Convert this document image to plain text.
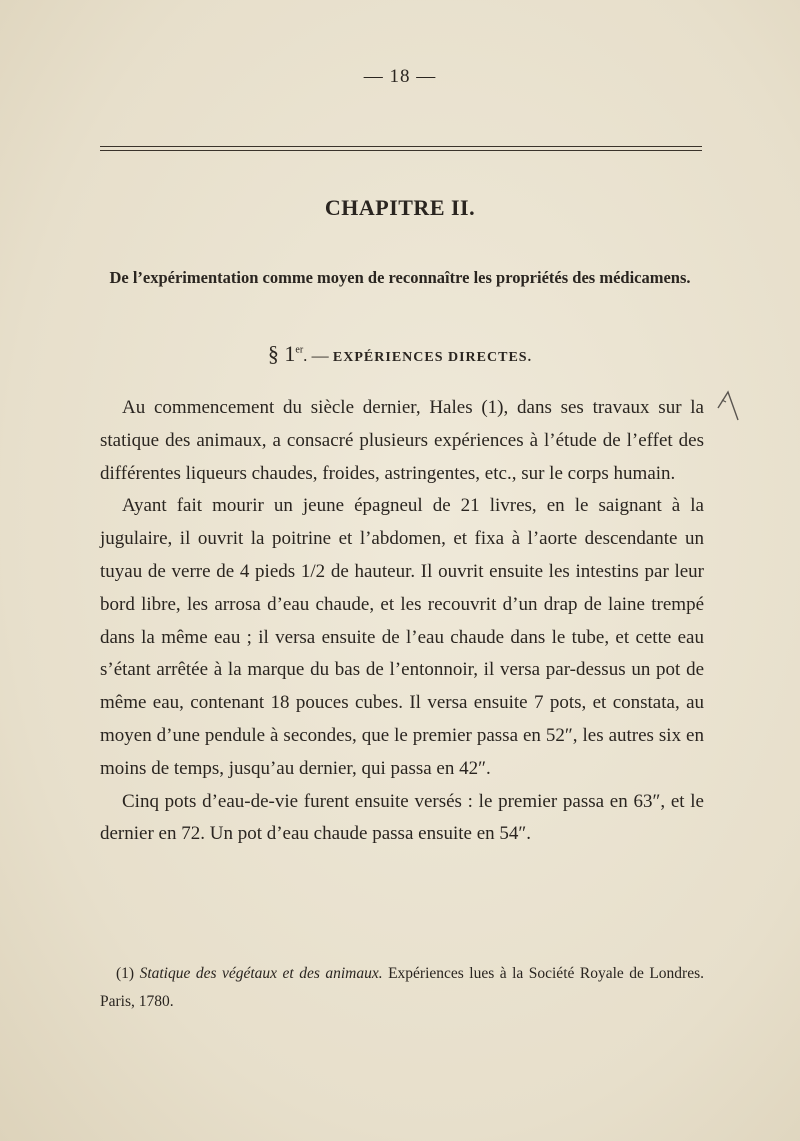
— 18 —
CHAPITRE II.
De l’expérimentation comme moyen de reconnaître les propriétés des médicamens.
§ 1er. — EXPÉRIENCES DIRECTES.

Au commencement du siècle dernier, Hales (1), dans ses travaux sur la statique des animaux, a consacré plusieurs expériences à l’étude de l’effet des différentes liqueurs chaudes, froides, astringentes, etc., sur le corps humain.

Ayant fait mourir un jeune épagneul de 21 livres, en le saignant à la jugulaire, il ouvrit la poitrine et l’abdomen, et fixa à l’aorte descendante un tuyau de verre de 4 pieds 1/2 de hauteur. Il ouvrit ensuite les intestins par leur bord libre, les arrosa d’eau chaude, et les recouvrit d’un drap de laine trempé dans la même eau ; il versa ensuite de l’eau chaude dans le tube, et cette eau s’étant arrêtée à la marque du bas de l’entonnoir, il versa par-dessus un pot de même eau, contenant 18 pouces cubes. Il versa ensuite 7 pots, et constata, au moyen d’une pendule à secondes, que le premier passa en 52″, les autres six en moins de temps, jusqu’au dernier, qui passa en 42″.

Cinq pots d’eau-de-vie furent ensuite versés : le premier passa en 63″, et le dernier en 72. Un pot d’eau chaude passa ensuite en 54″.

(1) Statique des végétaux et des animaux. Expériences lues à la Société Royale de Londres. Paris, 1780.
